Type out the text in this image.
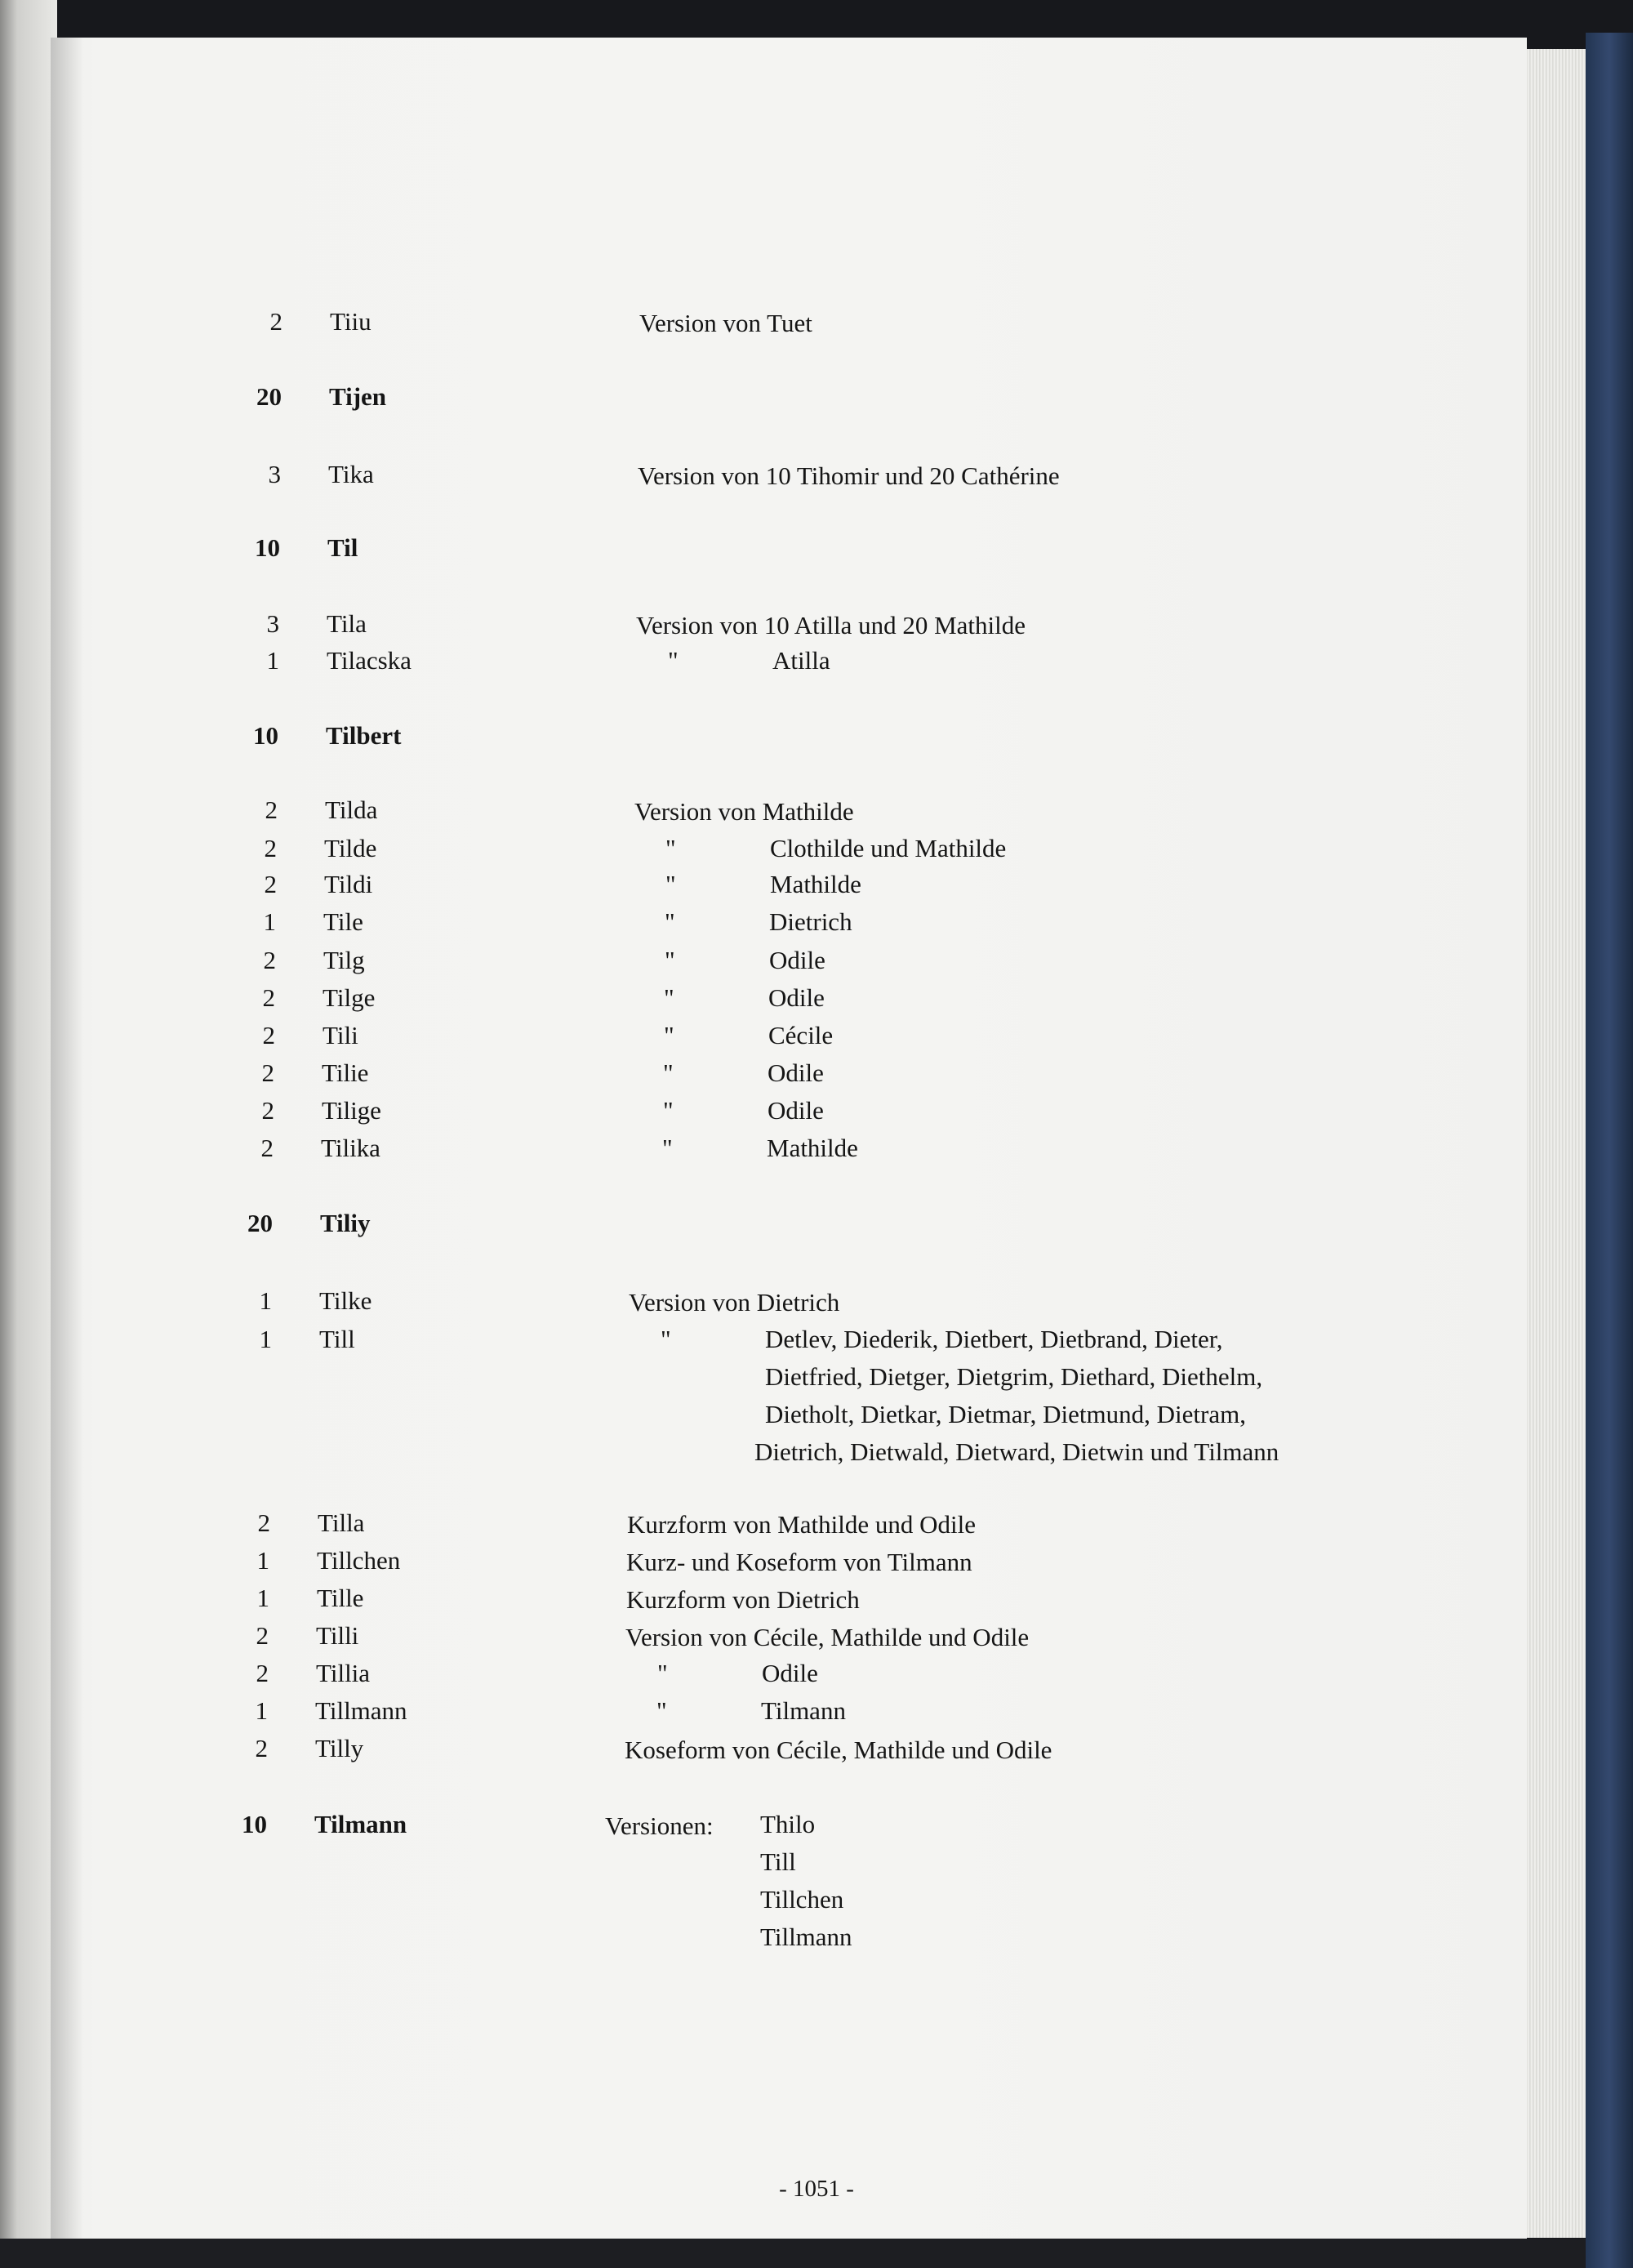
2 Tiiu	Version von Tuet
20 Tijen
3 Tika	Version von 10 Tihomir und 20 Cathérine
10 Til
3 Tila	Version von 10 Atilla und 20 Mathilde
1 Tilacska	"	Atilla
10 Tilbert
2 Tilda	Version von Mathilde
2 Tilde	"	Clothilde und Mathilde
2 Tildi	"	Mathilde
1 Tile	"	Dietrich
2 Tilg	"	Odile
2 Tilge	"	Odile
2 Tili	"	Cécile
2 Tilie	"	Odile
2 Tilige	"	Odile
2 Tilika	"	Mathilde
20 Tiliy
1 Tilke	Version von Dietrich
1 Till	"	Detlev, Diederik, Dietbert, Dietbrand, Dieter,
Dietfried, Dietger, Dietgrim, Diethard, Diethelm,
Dietholt, Dietkar, Dietmar, Dietmund, Dietram,
Dietrich, Dietwald, Dietward, Dietwin und Tilmann
2 Tilla	Kurzform von Mathilde und Odile
1 Tillchen	Kurz- und Koseform von Tilmann
1 Tille	Kurzform von Dietrich
2 Tilli	Version von Cécile, Mathilde und Odile
2 Tillia	"	Odile
1 Tillmann	"	Tilmann
2 Tilly	Koseform von Cécile, Mathilde und Odile
10 Tilmann	Versionen: Thilo
Till
Tillchen
Tillmann
- 1051 -
